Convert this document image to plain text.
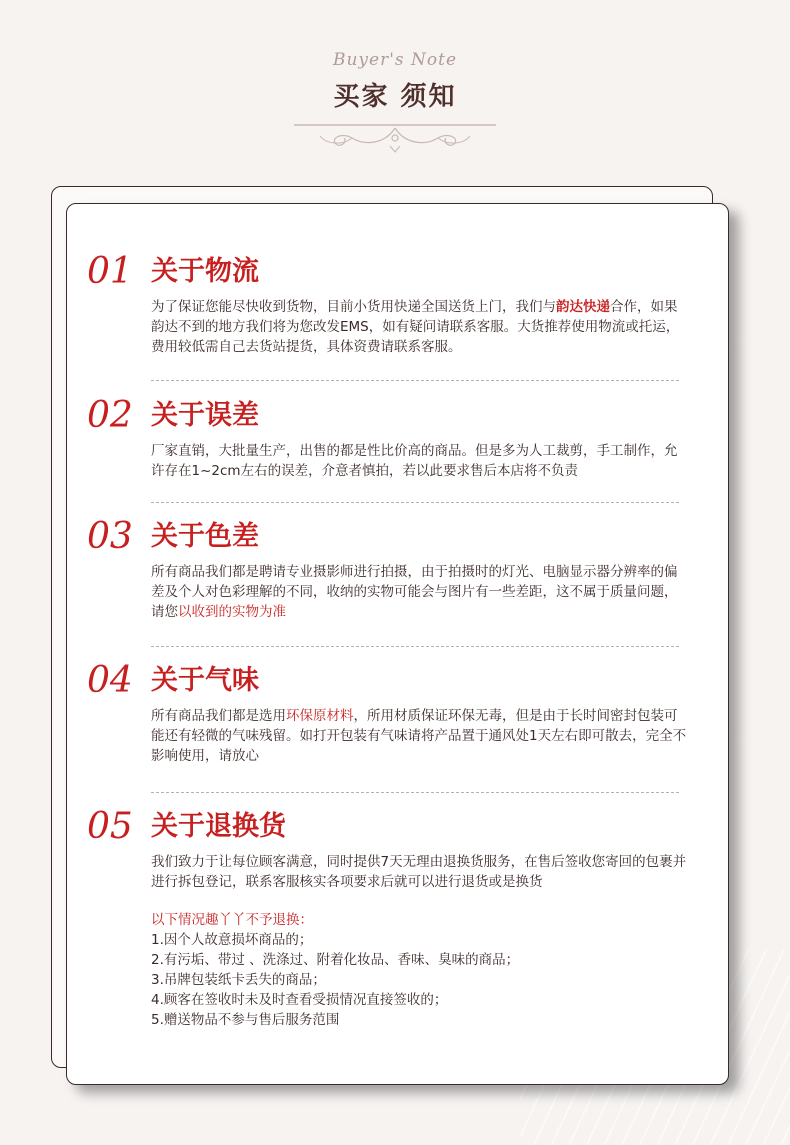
Buyer's Note
买家 须知
01 关于物流

为了保证您能尽快收到货物，目前小货用快递全国送货上门，我们与韵达快递合作，如果韵达不到的地方我们将为您改发EMS，如有疑问请联系客服。大货推荐使用物流或托运，费用较低需自己去货站提货，具体资费请联系客服。

02 关于误差

厂家直销，大批量生产，出售的都是性比价高的商品。但是多为人工裁剪，手工制作，允许存在1~2cm左右的误差，介意者慎拍，若以此要求售后本店将不负责

03 关于色差

所有商品我们都是聘请专业摄影师进行拍摄，由于拍摄时的灯光、电脑显示器分辨率的偏差及个人对色彩理解的不同，收纳的实物可能会与图片有一些差距，这不属于质量问题，请您以收到的实物为准

04 关于气味

所有商品我们都是选用环保原材料，所用材质保证环保无毒，但是由于长时间密封包装可能还有轻微的气味残留。如打开包装有气味请将产品置于通风处1天左右即可散去，完全不影响使用，请放心

05 关于退换货

我们致力于让每位顾客满意，同时提供7天无理由退换货服务，在售后签收您寄回的包裹并进行拆包登记，联系客服核实各项要求后就可以进行退货或是换货

以下情况趣丫丫不予退换：

1.因个人故意损坏商品的；

2.有污垢、带过 、洗涤过、附着化妆品、香味、臭味的商品；

3.吊牌包装纸卡丢失的商品；

4.顾客在签收时未及时查看受损情况直接签收的；

5.赠送物品不参与售后服务范围
